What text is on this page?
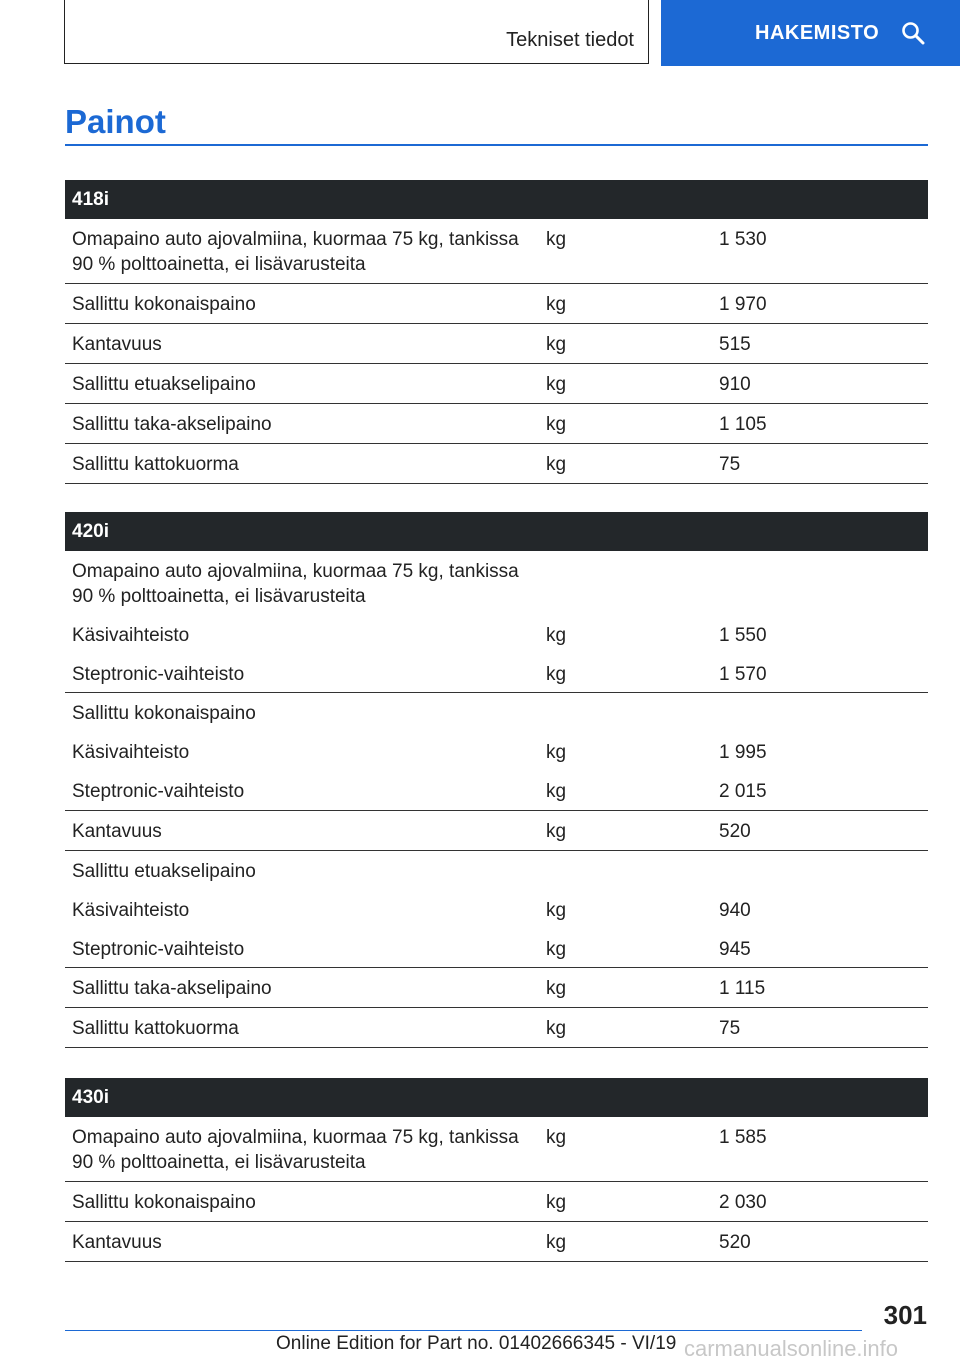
Tekniset tiedot	HAKEMISTO
Painot
418i
Omapaino auto ajovalmiina, kuormaa 75 kg, tankissa 90 % polttoainetta, ei lisävarusteita
kg	1 530
Sallittu kokonaispaino	kg	1 970
Kantavuus	kg	515
Sallittu etuakselipaino	kg	910
Sallittu taka-akselipaino	kg	1 105
Sallittu kattokuorma	kg	75
420i
Omapaino auto ajovalmiina, kuormaa 75 kg, tankissa 90 % polttoainetta, ei lisävarusteita
Käsivaihteisto	kg	1 550
Steptronic-vaihteisto	kg	1 570
Sallittu kokonaispaino
Käsivaihteisto	kg	1 995
Steptronic-vaihteisto	kg	2 015
Kantavuus	kg	520
Sallittu etuakselipaino
Käsivaihteisto	kg	940
Steptronic-vaihteisto	kg	945
Sallittu taka-akselipaino	kg	1 115
Sallittu kattokuorma	kg	75
430i
Omapaino auto ajovalmiina, kuormaa 75 kg, tankissa 90 % polttoainetta, ei lisävarusteita
kg	1 585
Sallittu kokonaispaino	kg	2 030
Kantavuus	kg	520
301
Online Edition for Part no. 01402666345 - VI/19 carmanualsonline.info
